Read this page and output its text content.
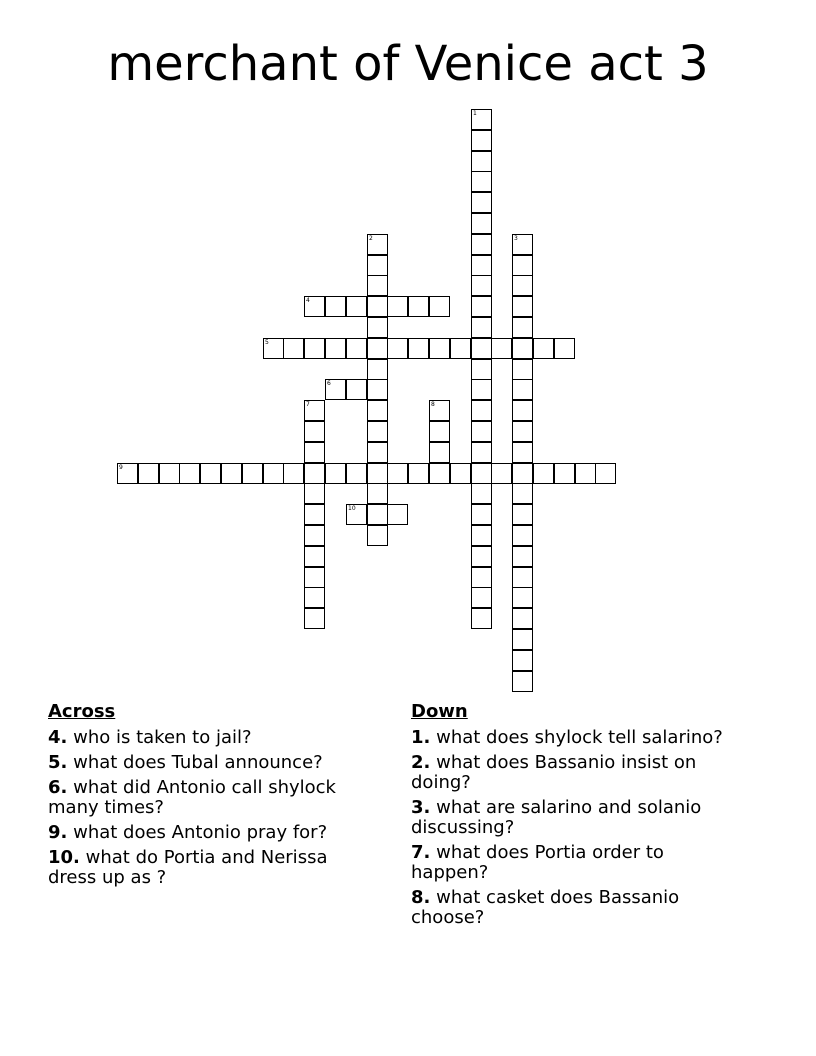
merchant of Venice act 3
1
2	3
4
5
6
7	8
9
10
Across
4. who is taken to jail?
5. what does Tubal announce?
6. what did Antonio call shylock many times?
9. what does Antonio pray for?
10. what do Portia and Nerissa dress up as ?
Down
1. what does shylock tell salarino?
2. what does Bassanio insist on doing?
3. what are salarino and solanio discussing?
7. what does Portia order to happen?
8. what casket does Bassanio choose?
